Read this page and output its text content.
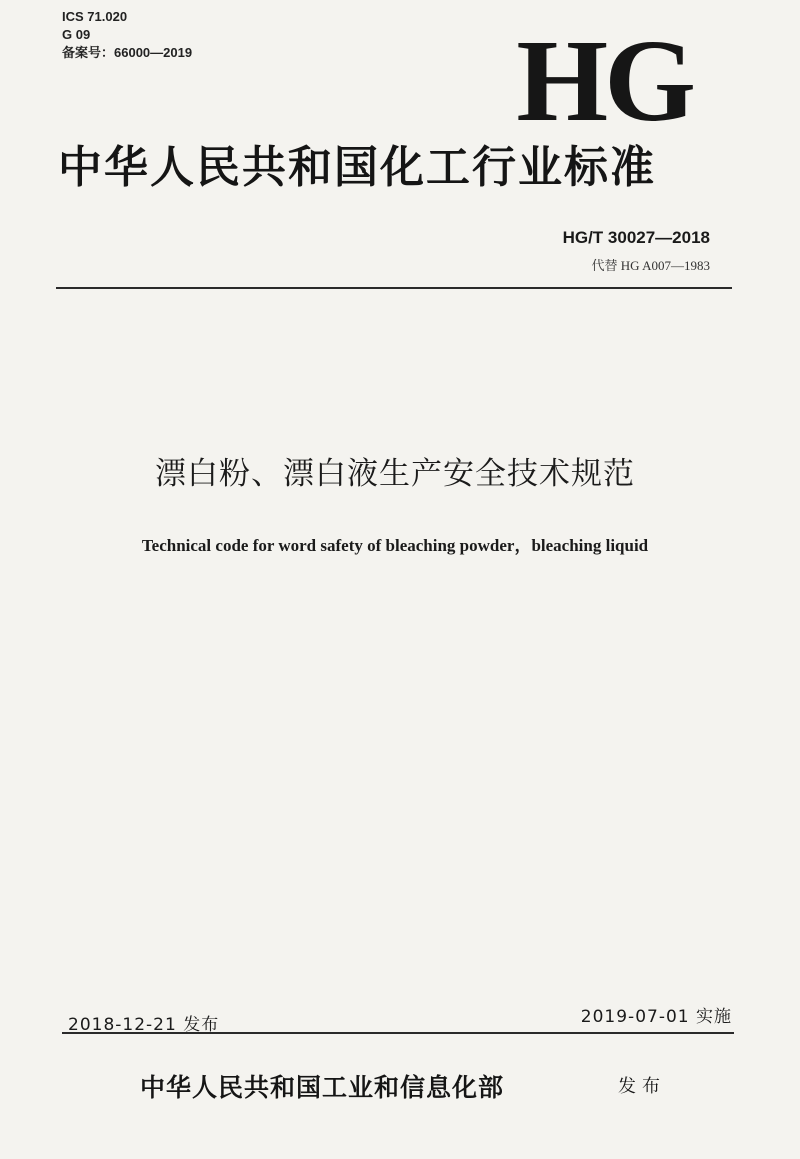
ICS 71.020
G 09
备案号：66000—2019	HG
中华人民共和国化工行业标准
HG/T 30027—2018
代替 HG A007—1983
漂白粉、漂白液生产安全技术规范
Technical code for word safety of bleaching powder，bleaching liquid
2018-12-21 发布	2019-07-01 实施
中华人民共和国工业和信息化部	发布
